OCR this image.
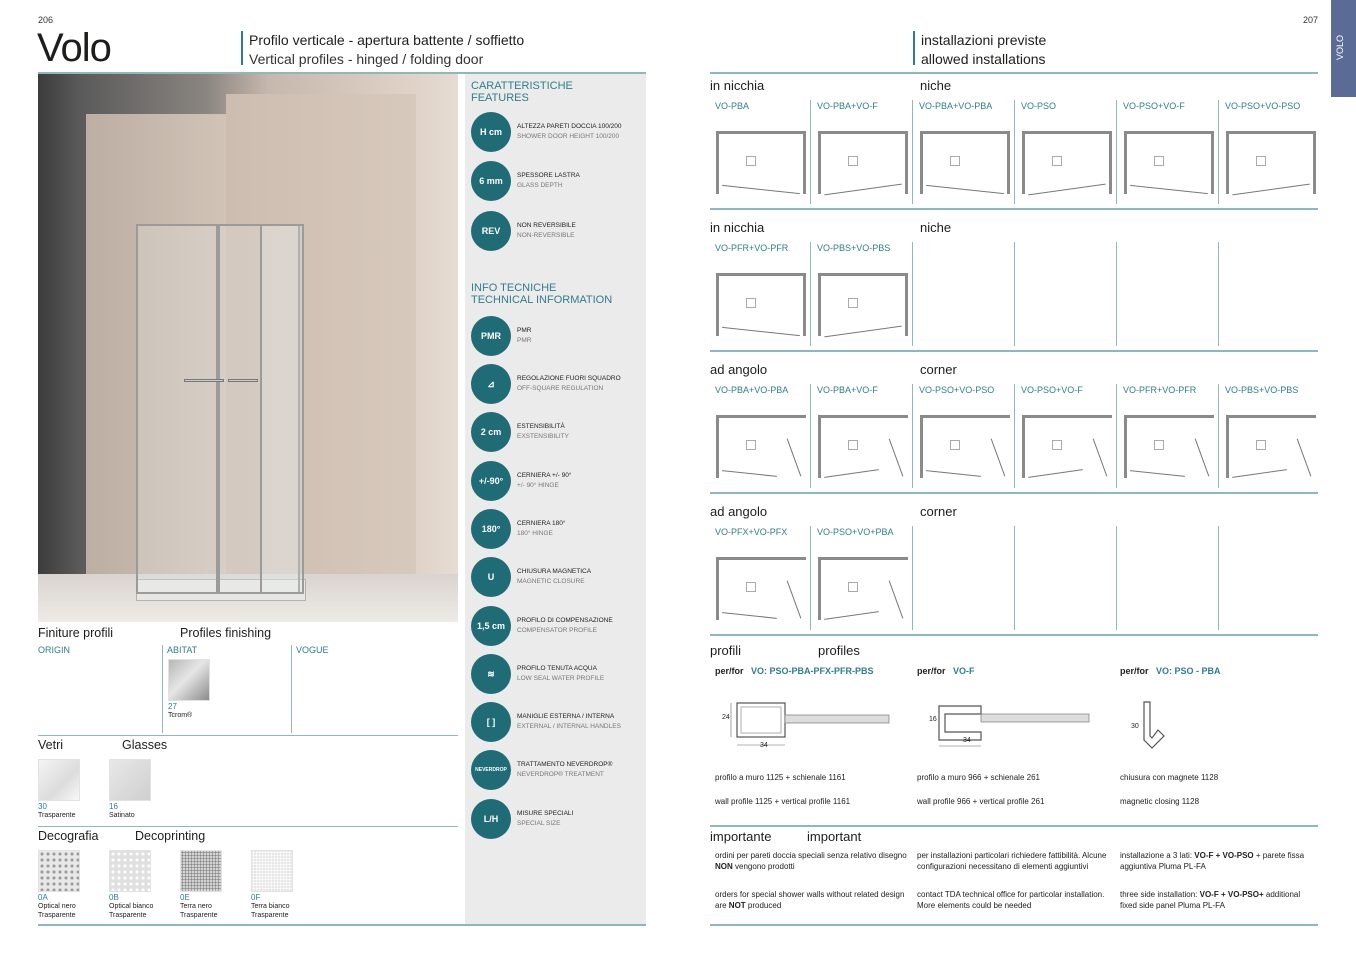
206
Volo	Profilo verticale - apertura battente / soffietto
Vertical profiles - hinged / folding door
CARATTERISTICHE
FEATURES
H cm	ALTEZZA PARETI DOCCIA 100/200
SHOWER DOOR HEIGHT 100/200
6 mm	SPESSORE LASTRA
GLASS DEPTH
REV	NON REVERSIBILE
NON-REVERSIBLE
INFO TECNICHE
TECHNICAL INFORMATION
PMR	PMR
PMR
⊿	REGOLAZIONE FUORI SQUADRO
OFF-SQUARE REGULATION
2 cm	ESTENSIBILITÀ
EXSTENSIBILITY
+/-90°	CERNIERA +/- 90°
+/- 90° HINGE
180°	CERNIERA 180°
180° HINGE
U	CHIUSURA MAGNETICA
MAGNETIC CLOSURE
1,5 cm	PROFILO DI COMPENSAZIONE
COMPENSATOR PROFILE
≋	PROFILO TENUTA ACQUA
LOW SEAL WATER PROFILE
[ ]	MANIGLIE ESTERNA / INTERNA
EXTERNAL / INTERNAL HANDLES
NEVERDROP
TRATTAMENTO NEVERDROP®
NEVERDROP® TREATMENT
L/H	MISURE SPECIALI
SPECIAL SIZE
Finiture profili	Profiles finishing
ORIGIN	ABITAT	VOGUE
27
Tcrom®
Vetri	Glasses
30
Trasparente
16
Satinato
Decografia	Decoprinting
0A
Optical nero
Trasparente
0B
Optical bianco
Trasparente
0E
Terra nero
Trasparente
0F
Terra bianco
Trasparente
207
VOLO
installazioni previste
allowed installations
in nicchia	niche
VO-PBA	VO-PBA+VO-F	VO-PBA+VO-PBA	VO-PSO	VO-PSO+VO-F	VO-PSO+VO-PSO
in nicchia	niche
VO-PFR+VO-PFR	VO-PBS+VO-PBS
ad angolo	corner
VO-PBA+VO-PBA	VO-PBA+VO-F	VO-PSO+VO-PSO	VO-PSO+VO-F	VO-PFR+VO-PFR	VO-PBS+VO-PBS
ad angolo	corner
VO-PFX+VO-PFX	VO-PSO+VO+PBA
profili	profiles
per/for VO: PSO-PBA-PFX-PFR-PBS	per/for VO-F	per/for VO: PSO - PBA
24
34
16
34
30
profilo a muro 1125 + schienale 1161
wall profile 1125 + vertical profile 1161
profilo a muro 966 + schienale 261
wall profile 966 + vertical profile 261
chiusura con magnete 1128
magnetic closing 1128
importante	important
ordini per pareti doccia speciali senza relativo disegno NON vengono prodotti
orders for special shower walls without related design are NOT produced
per installazioni particolari richiedere fattibilità. Alcune configurazioni necessitano di elementi aggiuntivi
contact TDA technical office for particolar installation. More elements could be needed
installazione a 3 lati: VO-F + VO-PSO + parete fissa aggiuntiva Pluma PL-FA
three side installation: VO-F + VO-PSO+ additional fixed side panel Pluma PL-FA
